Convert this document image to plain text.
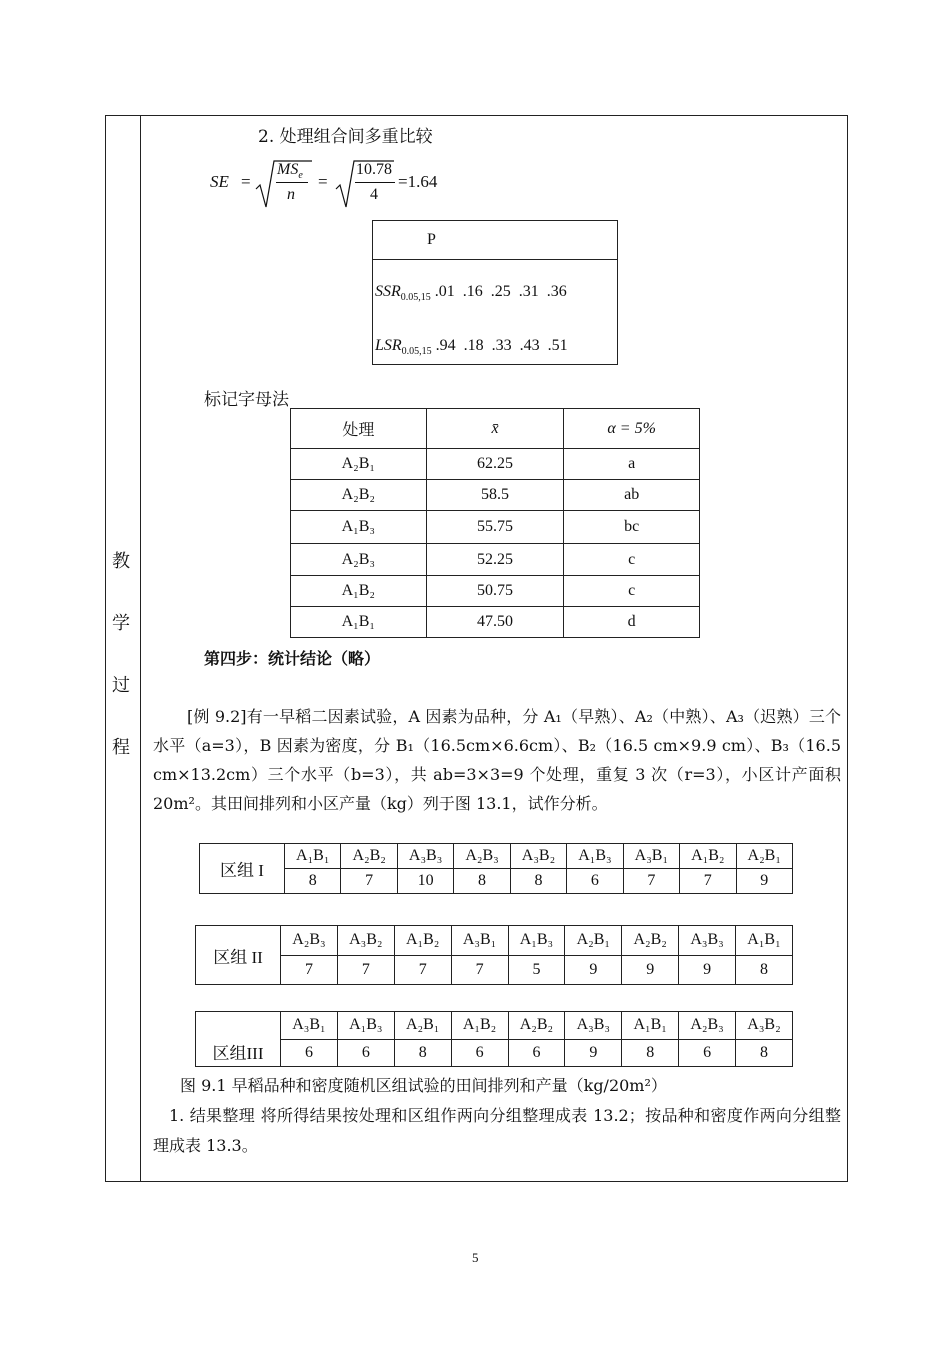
教
学
过
程
2. 处理组合间多重比较
SE =
$MS_e$
n
=
10.78
4
=1.64
P
$SSR_{0.05,15}$ .01  .16  .25  .31  .36
$LSR_{0.05,15}$ .94  .18  .33  .43  .51
标记字母法
处理	x̄	α = 5%
A₂B₁	62.25	a
A₂B₂	58.5	ab
A₁B₃	55.75	bc
A₂B₃	52.25	c
A₁B₂	50.75	c
A₁B₁	47.50	d
第四步：统计结论（略）
[例 9.2]有一早稻二因素试验，A 因素为品种，分 A₁（早熟）、A₂（中熟）、A₃（迟熟）三个水平（a=3），B 因素为密度，分 B₁（16.5cm×6.6cm）、B₂（16.5 cm×9.9 cm）、B₃（16.5 cm×13.2cm）三个水平（b=3），共 ab=3×3=9 个处理，重复 3 次（r=3），小区计产面积 20m²。其田间排列和小区产量（kg）列于图 13.1，试作分析。
区组 I	A₁B₁	A₂B₂	A₃B₃	A₂B₃	A₃B₂	A₁B₃	A₃B₁	A₁B₂	A₂B₁
	8	7	10	8	8	6	7	7	9
区组 II	A₂B₃	A₃B₂	A₁B₂	A₃B₁	A₁B₃	A₂B₁	A₂B₂	A₃B₃	A₁B₁
	7	7	7	7	5	9	9	9	8
区组III	A₃B₁	A₁B₃	A₂B₁	A₁B₂	A₂B₂	A₃B₃	A₁B₁	A₂B₃	A₃B₂
	6	6	8	6	6	9	8	6	8
图 9.1 早稻品种和密度随机区组试验的田间排列和产量（kg/20m²）
1. 结果整理 将所得结果按处理和区组作两向分组整理成表 13.2；按品种和密度作两向分组整理成表 13.3。
5
